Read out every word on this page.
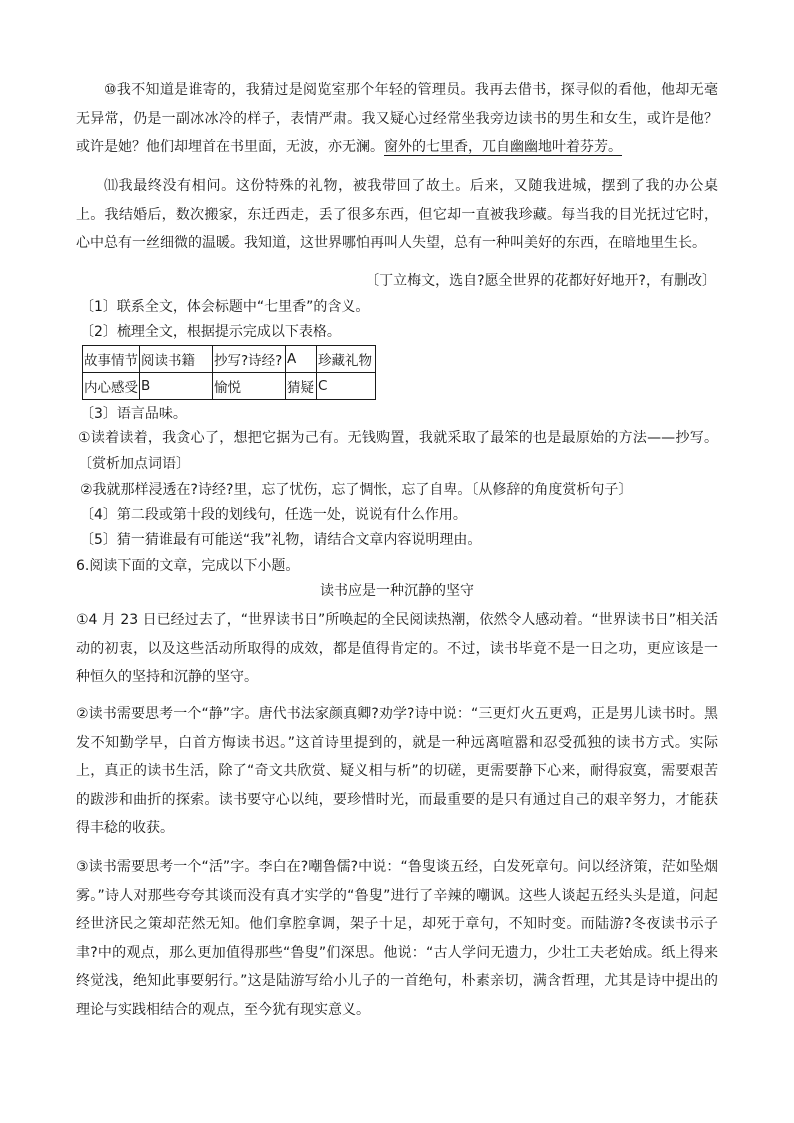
⑩我不知道是谁寄的，我猜过是阅览室那个年轻的管理员。我再去借书，探寻似的看他，他却无毫无异常，仍是一副冰冰冷的样子，表情严肃。我又疑心过经常坐我旁边读书的男生和女生，或许是他？或许是她？他们却埋首在书里面，无波，亦无澜。窗外的七里香，兀自幽幽地叶着芬芳。

⑾我最终没有相问。这份特殊的礼物，被我带回了故土。后来，又随我进城，摆到了我的办公桌上。我结婚后，数次搬家，东迁西走，丢了很多东西，但它却一直被我珍藏。每当我的目光抚过它时，心中总有一丝细微的温暖。我知道，这世界哪怕再叫人失望，总有一种叫美好的东西，在暗地里生长。

〔丁立梅文，选自?愿全世界的花都好好地开?，有删改〕

〔1〕联系全文，体会标题中“七里香”的含义。

〔2〕梳理全文，根据提示完成以下表格。

故事情节	阅读书籍	抄写?诗经?	A	珍藏礼物
内心感受	B	愉悦	猜疑	C

〔3〕语言品味。

①读着读着，我贪心了，想把它据为己有。无钱购置，我就采取了最笨的也是最原始的方法——抄写。〔赏析加点词语〕

②我就那样浸透在?诗经?里，忘了忧伤，忘了惆怅，忘了自卑。〔从修辞的角度赏析句子〕

〔4〕第二段或第十段的划线句，任选一处，说说有什么作用。

〔5〕猜一猜谁最有可能送“我”礼物，请结合文章内容说明理由。

6.阅读下面的文章，完成以下小题。

读书应是一种沉静的坚守

①4 月 23 日已经过去了，“世界读书日”所唤起的全民阅读热潮，依然令人感动着。“世界读书日”相关活动的初衷，以及这些活动所取得的成效，都是值得肯定的。不过，读书毕竟不是一日之功，更应该是一种恒久的坚持和沉静的坚守。

②读书需要思考一个“静”字。唐代书法家颜真卿?劝学?诗中说：“三更灯火五更鸡，正是男儿读书时。黑发不知勤学早，白首方悔读书迟。”这首诗里提到的，就是一种远离喧嚣和忍受孤独的读书方式。实际上，真正的读书生活，除了“奇文共欣赏、疑义相与析”的切磋，更需要静下心来，耐得寂寞，需要艰苦的跋涉和曲折的探索。读书要守心以纯，要珍惜时光，而最重要的是只有通过自己的艰辛努力，才能获得丰稔的收获。

③读书需要思考一个“活”字。李白在?嘲鲁儒?中说：“鲁叟谈五经，白发死章句。问以经济策，茫如坠烟雾。”诗人对那些夸夸其谈而没有真才实学的“鲁叟”进行了辛辣的嘲讽。这些人谈起五经头头是道，问起经世济民之策却茫然无知。他们拿腔拿调，架子十足，却死于章句，不知时变。而陆游?冬夜读书示子聿?中的观点，那么更加值得那些“鲁叟”们深思。他说：“古人学问无遗力，少壮工夫老始成。纸上得来终觉浅，绝知此事要躬行。”这是陆游写给小儿子的一首绝句，朴素亲切，满含哲理，尤其是诗中提出的理论与实践相结合的观点，至今犹有现实意义。
